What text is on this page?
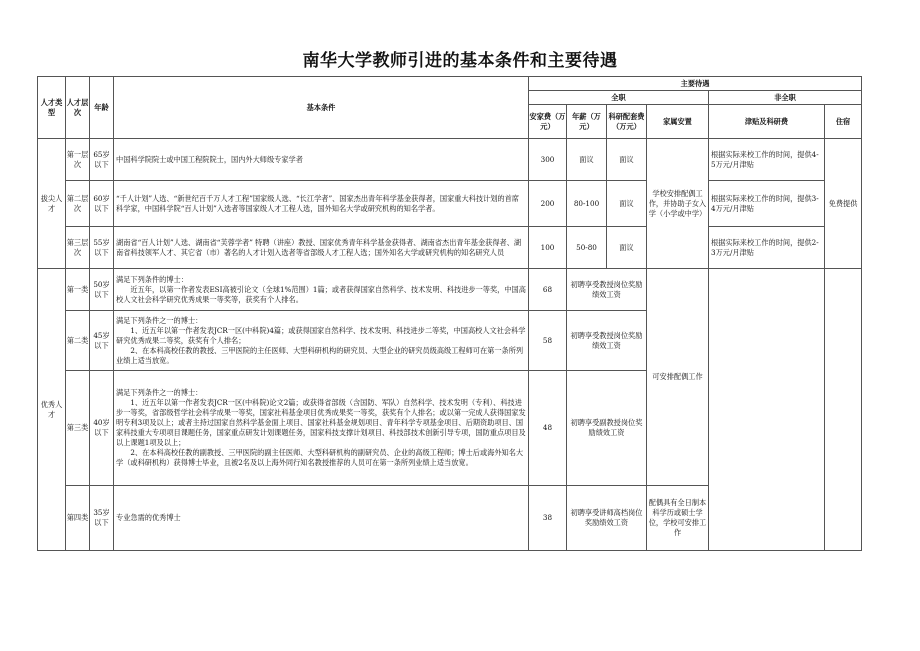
南华大学教师引进的基本条件和主要待遇
人才类型	人才层次	年龄	基本条件	主要待遇					
				全职				非全职	
				安家费（万元）	年薪（万元）	科研配套费（万元）	家属安置	津贴及科研费	住宿
拔尖人才	第一层次	65岁以下	中国科学院院士或中国工程院院士，国内外大师级专家学者	300	面议	面议	学校安排配偶工作，并协助子女入学（小学或中学）	根据实际来校工作的时间，提供4-5万元/月津贴	免费提供
	第二层次	60岁以下	“千人计划”人选、“新世纪百千万人才工程”国家级人选、“长江学者”、国家杰出青年科学基金获得者，国家重大科技计划的首席科学家，中国科学院“百人计划”入选者等国家级人才工程人选，国外知名大学或研究机构的知名学者。	200	80-100	面议		根据实际来校工作的时间，提供3-4万元/月津贴	
	第三层次	55岁以下	湖南省“百人计划”人选、湖南省“芙蓉学者” 特聘（讲座）教授、国家优秀青年科学基金获得者、湖南省杰出青年基金获得者、湖南省科技领军人才、其它省（市）著名的人才计划入选者等省部级人才工程人选；国外知名大学或研究机构的知名研究人员	100	50-80	面议		根据实际来校工作的时间，提供2-3万元/月津贴	
优秀人才	第一类	50岁以下	满足下列条件的博士：
　　近五年，以第一作者发表ESI高被引论文（全球1%范围）1篇；或者获得国家自然科学、技术发明、科技进步一等奖，中国高校人文社会科学研究优秀成果一等奖等，获奖有个人排名。	68	初聘享受教授岗位奖励绩效工资		可安排配偶工作		
	第二类	45岁以下	满足下列条件之一的博士：
　　1、近五年以第一作者发表JCR一区(中科院)4篇；或获得国家自然科学、技术发明、科技进步二等奖，中国高校人文社会科学研究优秀成果二等奖，获奖有个人排名；
　　2、在本科高校任教的教授、三甲医院的主任医师、大型科研机构的研究员、大型企业的研究员级高级工程师可在第一条所列业绩上适当放宽。	58	初聘享受教授岗位奖励绩效工资				
	第三类	40岁以下	满足下列条件之一的博士：
　　1、近五年以第一作者发表JCR一区(中科院)论文2篇；或获得省部级（含国防、军队）自然科学、技术发明（专利）、科技进步一等奖，省部级哲学社会科学成果一等奖，国家社科基金项目优秀成果奖一等奖，获奖有个人排名；或以第一完成人获得国家发明专利3项及以上；或者主持过国家自然科学基金面上项目、国家社科基金规划项目、青年科学专项基金项目、后期资助项目、国家科技重大专项项目课题任务，国家重点研发计划课题任务，国家科技支撑计划项目、科技部技术创新引导专项，国防重点项目及以上课题1项及以上；
　　2、在本科高校任教的副教授、三甲医院的副主任医师、大型科研机构的副研究员、企业的高级工程师；博士后或海外知名大学（或科研机构）获得博士毕业，且被2名及以上海外同行知名教授推荐的人员可在第一条所列业绩上适当放宽。	48	初聘享受副教授岗位奖励绩效工资				
	第四类	35岁以下	专业急需的优秀博士	38	初聘享受讲师高档岗位奖励绩效工资		配偶具有全日制本科学历或硕士学位，学校可安排工作		
